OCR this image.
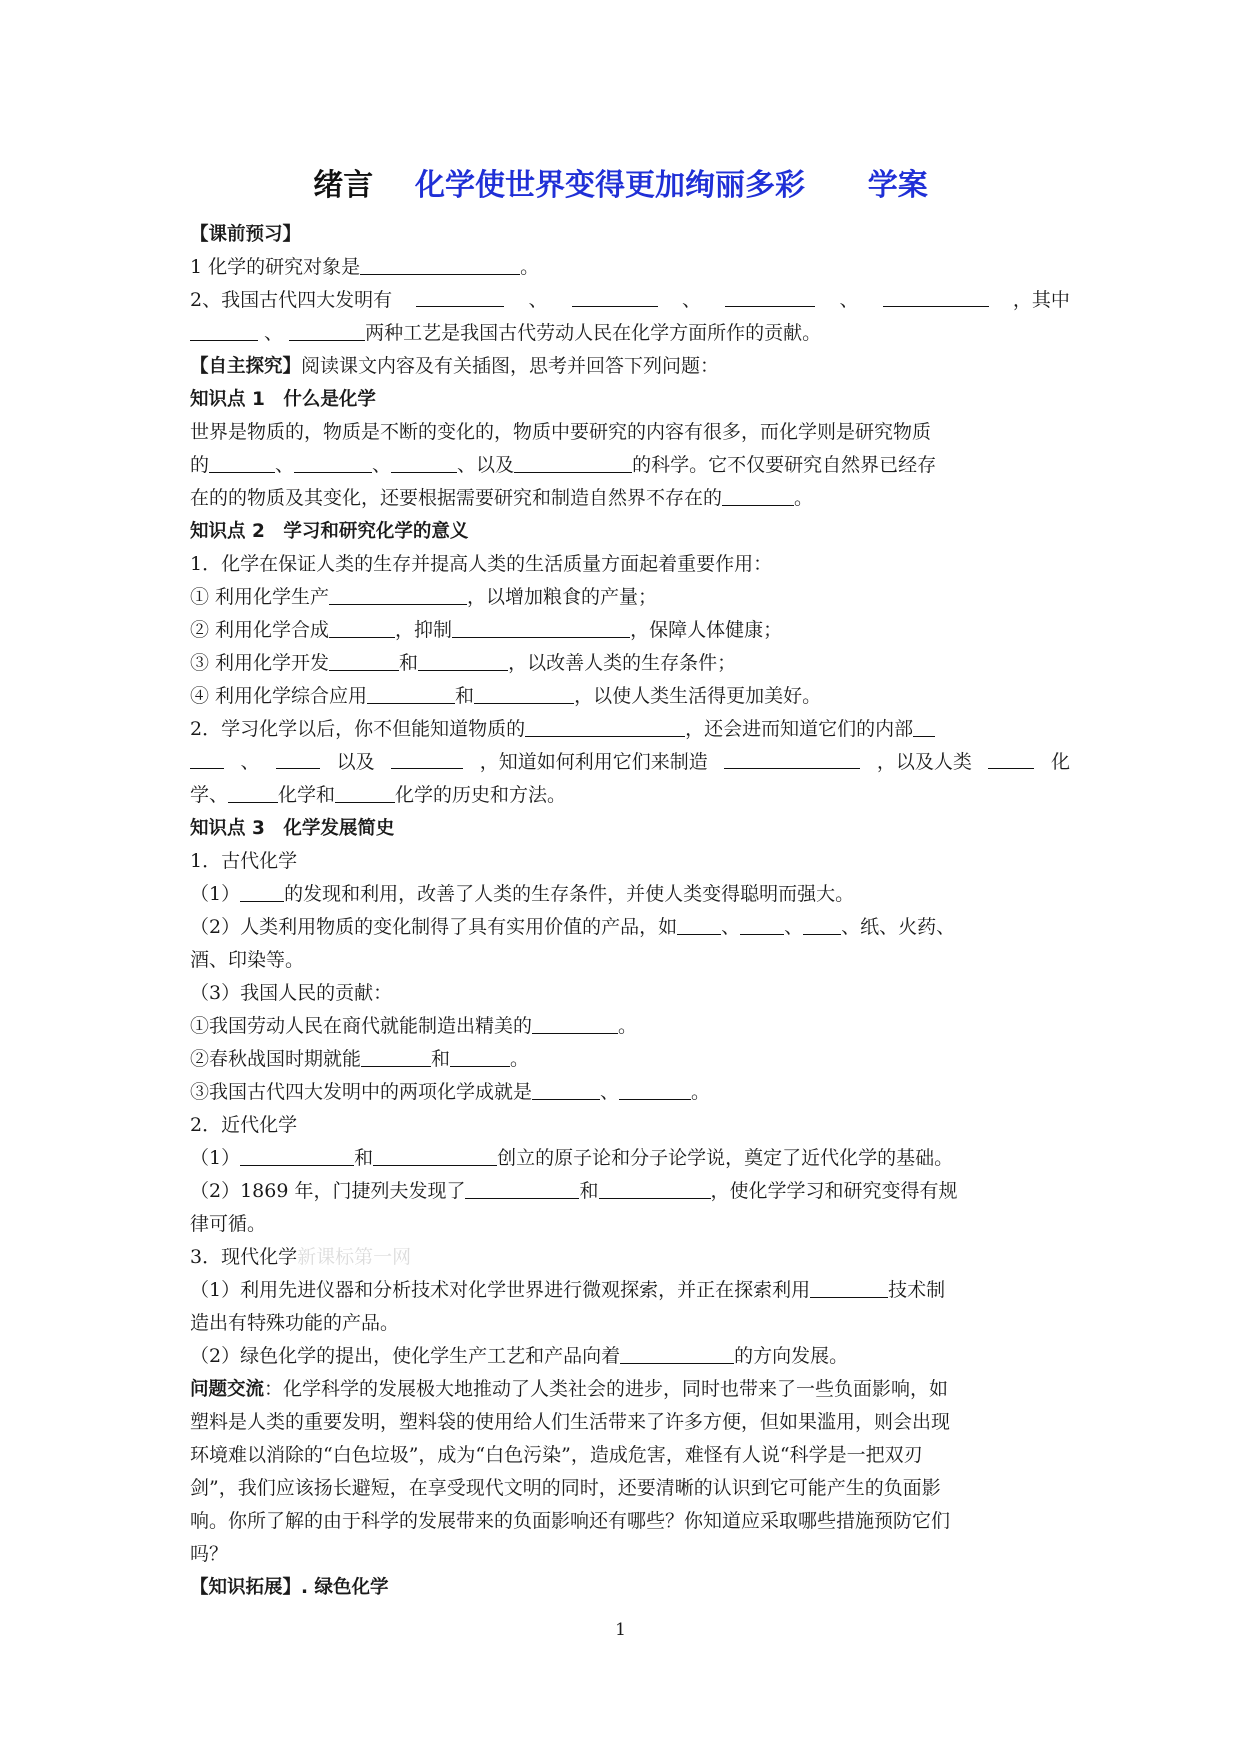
绪言 化学使世界变得更加绚丽多彩 学案
【课前预习】
1 化学的研究对象是	。
2、我国古代四大发明有	、	、	、	，其中
、	两种工艺是我国古代劳动人民在化学方面所作的贡献。
【自主探究】阅读课文内容及有关插图，思考并回答下列问题：
知识点 1　什么是化学
世界是物质的，物质是不断的变化的，物质中要研究的内容有很多，而化学则是研究物质
的	、	、	、以及	的科学。它不仅要研究自然界已经存
在的的物质及其变化，还要根据需要研究和制造自然界不存在的	。
知识点 2　学习和研究化学的意义
1．化学在保证人类的生存并提高人类的生活质量方面起着重要作用：
① 利用化学生产	，以增加粮食的产量；
② 利用化学合成	，抑制	，保障人体健康；
③ 利用化学开发	和	，以改善人类的生存条件；
④ 利用化学综合应用	和	，以使人类生活得更加美好。
2．学习化学以后，你不但能知道物质的	，还会进而知道它们的内部
、	以及	，知道如何利用它们来制造	，以及人类	化
学、	化学和	化学的历史和方法。
知识点 3　化学发展简史
1．古代化学
（1） 的发现和利用，改善了人类的生存条件，并使人类变得聪明而强大。
（2）人类利用物质的变化制得了具有实用价值的产品，如 、 、 、纸、火药、
酒、印染等。
（3）我国人民的贡献：
①我国劳动人民在商代就能制造出精美的	。
②春秋战国时期就能	和	。
③我国古代四大发明中的两项化学成就是	、	。
2．近代化学
（1）	和	创立的原子论和分子论学说，奠定了近代化学的基础。
（2）1869 年，门捷列夫发现了	和	，使化学学习和研究变得有规
律可循。
3．现代化学新课标第一网
（1）利用先进仪器和分析技术对化学世界进行微观探索，并正在探索利用	技术制
造出有特殊功能的产品。
（2）绿色化学的提出，使化学生产工艺和产品向着	的方向发展。
问题交流：化学科学的发展极大地推动了人类社会的进步，同时也带来了一些负面影响，如
塑料是人类的重要发明，塑料袋的使用给人们生活带来了许多方便，但如果滥用，则会出现
环境难以消除的“白色垃圾”，成为“白色污染”，造成危害，难怪有人说“科学是一把双刃
剑”，我们应该扬长避短，在享受现代文明的同时，还要清晰的认识到它可能产生的负面影
响。你所了解的由于科学的发展带来的负面影响还有哪些？你知道应采取哪些措施预防它们
吗？
【知识拓展】. 绿色化学
1
